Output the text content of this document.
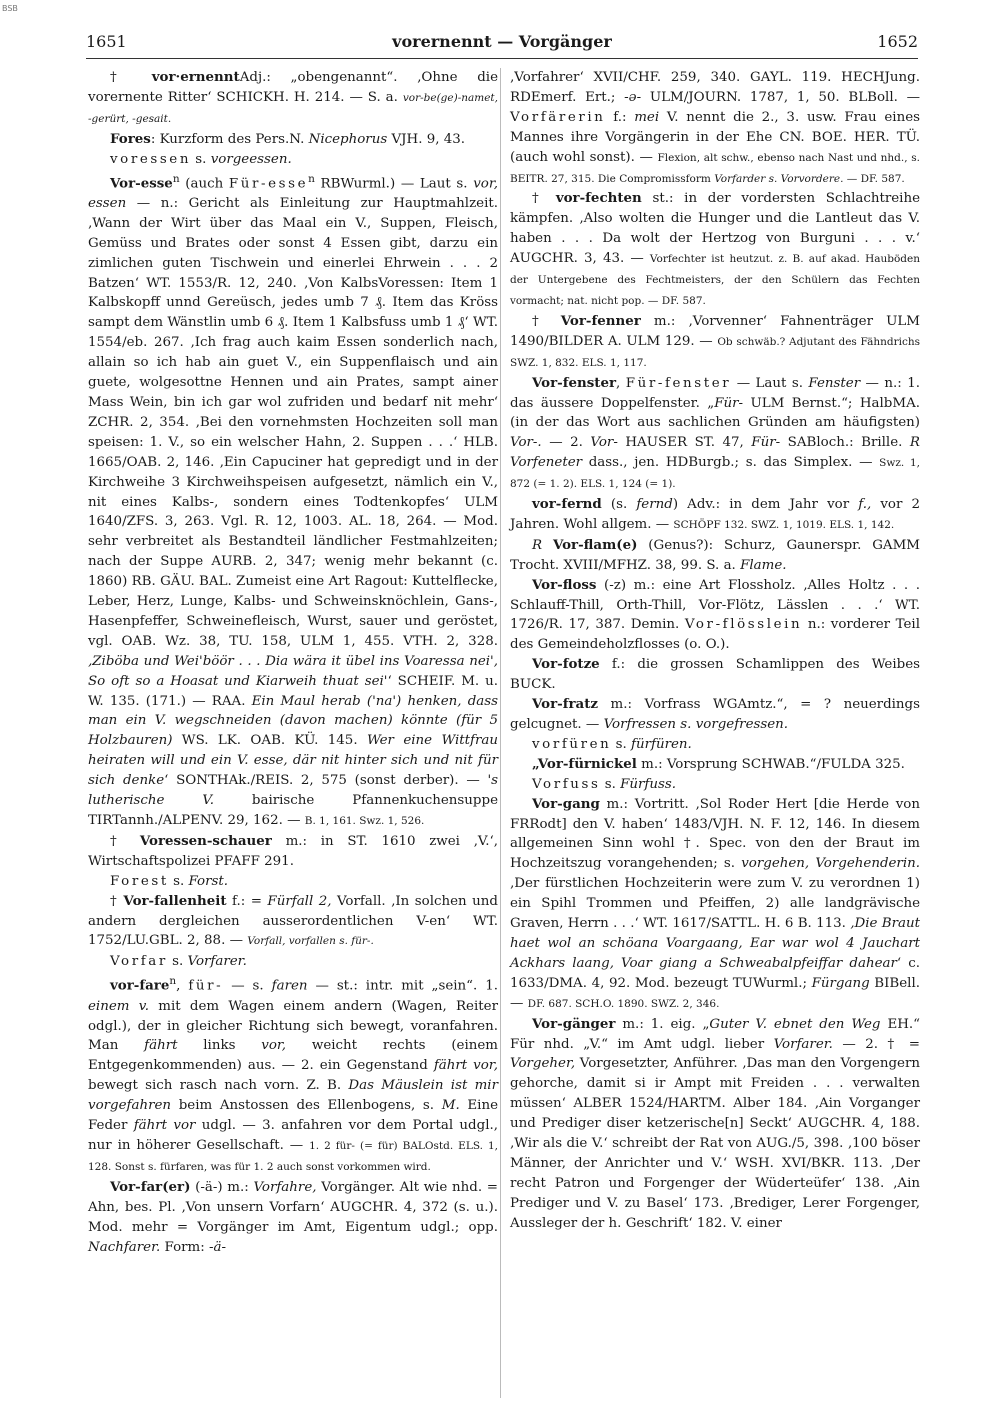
BSB
1651	vorernennt — Vorgänger	1652

† vor·ernenntAdj.: „obengenannt“. ‚Ohne die vorernente Ritter‘ SCHICKH. H. 214. — S. a. vor-be(ge)-namet, -gerürt, -gesait.

Fores: Kurzform des Pers.N. Nicephorus VJH. 9, 43.

voressen s. vorgeessen.

Vor-esse$^n$ (auch Für-esse$^n$ RBWurml.) — Laut s. vor, essen — n.: Gericht als Einleitung zur Hauptmahlzeit. ‚Wann der Wirt über das Maal ein V., Suppen, Fleisch, Gemüss und Brates oder sonst 4 Essen gibt, darzu ein zimlichen guten Tischwein und einerlei Ehrwein . . . 2 Batzen‘ WT. 1553/R. 12, 240. ‚Von KalbsVoressen: Item 1 Kalbskopff unnd Gereüsch, jedes umb 7 ₰. Item das Kröss sampt dem Wänstlin umb 6 ₰. Item 1 Kalbsfuss umb 1 ₰‘ WT. 1554/eb. 267. ‚Ich frag auch kaim Essen sonderlich nach, allain so ich hab ain guet V., ein Suppenflaisch und ain guete, wolgesottne Hennen und ain Prates, sampt ainer Mass Wein, bin ich gar wol zufriden und bedarf nit mehr‘ ZCHR. 2, 354. ‚Bei den vornehmsten Hochzeiten soll man speisen: 1. V., so ein welscher Hahn, 2. Suppen . . .‘ HLB. 1665/OAB. 2, 146. ‚Ein Capuciner hat gepredigt und in der Kirchweihe 3 Kirchweihspeisen aufgesetzt, nämlich ein V., nit eines Kalbs-, sondern eines Todtenkopfes‘ ULM 1640/ZFS. 3, 263. Vgl. R. 12, 1003. AL. 18, 264. — Mod. sehr verbreitet als Bestandteil ländlicher Festmahlzeiten; nach der Suppe AURB. 2, 347; wenig mehr bekannt (c. 1860) RB. GÄU. BAL. Zumeist eine Art Ragout: Kuttelflecke, Leber, Herz, Lunge, Kalbs- und Schweinsknöchlein, Gans-, Hasenpfeffer, Schweinefleisch, Wurst, sauer und geröstet, vgl. OAB. Wz. 38, TU. 158, ULM 1, 455. VTH. 2, 328. ‚Ziböba und Wei'böör . . . Dia wära it übel ins Voaressa nei', So oft so a Hoasat und Kiarweih thuat sei'‘ SCHEIF. M. u. W. 135. (171.) — RAA. Ein Maul herab ('na') henken, dass man ein V. wegschneiden (davon machen) könnte (für 5 Holzbauren) WS. LK. OAB. KÜ. 145. Wer eine Wittfrau heiraten will und ein V. esse, där nit hinter sich und nit für sich denke‘ SONTHAk./REIS. 2, 575 (sonst derber). — 's lutherische V. bairische Pfannenkuchensuppe TIRTannh./ALPENV. 29, 162. — B. 1, 161. Swz. 1, 526.

† Voressen-schauer m.: in ST. 1610 zwei ‚V.‘, Wirtschaftspolizei PFAFF 291.

Forest s. Forst.

† Vor-fallenheit f.: = Fürfall 2, Vorfall. ‚In solchen und andern dergleichen ausserordentlichen V-en‘ WT. 1752/LU.GBL. 2, 88. — Vorfall, vorfallen s. für-.

Vorfar s. Vorfarer.

vor-fare$^n$, für- — s. faren — st.: intr. mit „sein“. 1. einem v. mit dem Wagen einem andern (Wagen, Reiter odgl.), der in gleicher Richtung sich bewegt, voranfahren. Man fährt links vor, weicht rechts (einem Entgegenkommenden) aus. — 2. ein Gegenstand fährt vor, bewegt sich rasch nach vorn. Z. B. Das Mäuslein ist mir vorgefahren beim Anstossen des Ellenbogens, s. M. Eine Feder fährt vor udgl. — 3. anfahren vor dem Portal udgl., nur in höherer Gesellschaft. — 1. 2 für- (= für) BALOstd. ELS. 1, 128. Sonst s. fürfaren, was für 1. 2 auch sonst vorkommen wird.

Vor-far(er) (-ä-) m.: Vorfahre, Vorgänger. Alt wie nhd. = Ahn, bes. Pl. ‚Von unsern Vorfarn‘ AUGCHR. 4, 372 (s. u.). Mod. mehr = Vorgänger im Amt, Eigentum udgl.; opp. Nachfarer. Form: -ä-

‚Vorfahrer‘ XVII/CHF. 259, 340. GAYL. 119. HECHJung. RDEmerf. Ert.; -ǝ- ULM/JOURN. 1787, 1, 50. BLBoll. — Vorfärerin f.: mei V. nennt die 2., 3. usw. Frau eines Mannes ihre Vorgängerin in der Ehe CN. BOE. HER. TÜ. (auch wohl sonst). — Flexion, alt schw., ebenso nach Nast und nhd., s. BEITR. 27, 315. Die Compromissform Vorfarder s. Vorvordere. — DF. 587.

† vor-fechten st.: in der vordersten Schlachtreihe kämpfen. ‚Also wolten die Hunger und die Lantleut das V. haben . . . Da wolt der Hertzog von Burguni . . . v.‘ AUGCHR. 3, 43. — Vorfechter ist heutzut. z. B. auf akad. Hauböden der Untergebene des Fechtmeisters, der den Schülern das Fechten vormacht; nat. nicht pop. — DF. 587.

† Vor-fenner m.: ‚Vorvenner‘ Fahnenträger ULM 1490/BILDER A. ULM 129. — Ob schwäb.? Adjutant des Fähndrichs SWZ. 1, 832. ELS. 1, 117.

Vor-fenster, Für-fenster — Laut s. Fenster — n.: 1. das äussere Doppelfenster. „Für- ULM Bernst.“; HalbMA. (in der das Wort aus sachlichen Gründen am häufigsten) Vor-. — 2. Vor- HAUSER ST. 47, Für- SABloch.: Brille. R Vorfeneter dass., jen. HDBurgb.; s. das Simplex. — Swz. 1, 872 (= 1. 2). ELS. 1, 124 (= 1).

vor-fernd (s. fernd) Adv.: in dem Jahr vor f., vor 2 Jahren. Wohl allgem. — SCHÖPF 132. SWZ. 1, 1019. ELS. 1, 142.

R Vor-flam(e) (Genus?): Schurz, Gaunerspr. GAMM Trocht. XVIII/MFHZ. 38, 99. S. a. Flame.

Vor-floss (-z) m.: eine Art Flossholz. ‚Alles Holtz . . . Schlauff-Thill, Orth-Thill, Vor-Flötz, Lässlen . . .‘ WT. 1726/R. 17, 387. Demin. Vor-flösslein n.: vorderer Teil des Gemeindeholzflosses (o. O.).

Vor-fotze f.: die grossen Schamlippen des Weibes BUCK.

Vor-fratz m.: Vorfrass WGAmtz.“, = ? neuerdings gelcugnet. — Vorfressen s. vorgefressen.

vorfüren s. fürfüren.

„Vor-fürnickel m.: Vorsprung SCHWAB.“/FULDA 325.

Vorfuss s. Fürfuss.

Vor-gang m.: Vortritt. ‚Sol Roder Hert [die Herde von FRRodt] den V. haben‘ 1483/VJH. N. F. 12, 146. In diesem allgemeinen Sinn wohl †. Spec. von den der Braut im Hochzeitszug vorangehenden; s. vorgehen, Vorgehenderin. ‚Der fürstlichen Hochzeiterin were zum V. zu verordnen 1) ein Spihl Trommen und Pfeiffen, 2) alle landgrävische Graven, Herrn . . .‘ WT. 1617/SATTL. H. 6 B. 113. ‚Die Braut haet wol an schöana Voargaang, Ear war wol 4 Jauchart Ackhars laang, Voar giang a Schweabalpfeiffar dahear‘ c. 1633/DMA. 4, 92. Mod. bezeugt TUWurml.; Fürgang BIBell. — DF. 687. SCH.O. 1890. SWZ. 2, 346.

Vor-gänger m.: 1. eig. „Guter V. ebnet den Weg EH.“ Für nhd. „V.“ im Amt udgl. lieber Vorfarer. — 2. † = Vorgeher, Vorgesetzter, Anführer. ‚Das man den Vorgengern gehorche, damit si ir Ampt mit Freiden . . . verwalten müssen‘ ALBER 1524/HARTM. Alber 184. ‚Ain Vorganger und Prediger diser ketzerische[n] Seckt‘ AUGCHR. 4, 188. ‚Wir als die V.‘ schreibt der Rat von AUG./5, 398. ‚100 böser Männer, der Anrichter und V.‘ WSH. XVI/BKR. 113. ‚Der recht Patron und Forgenger der Wüderteüfer‘ 138. ‚Ain Prediger und V. zu Basel‘ 173. ‚Brediger, Lerer Forgenger, Aussleger der h. Geschrift‘ 182. V. einer
